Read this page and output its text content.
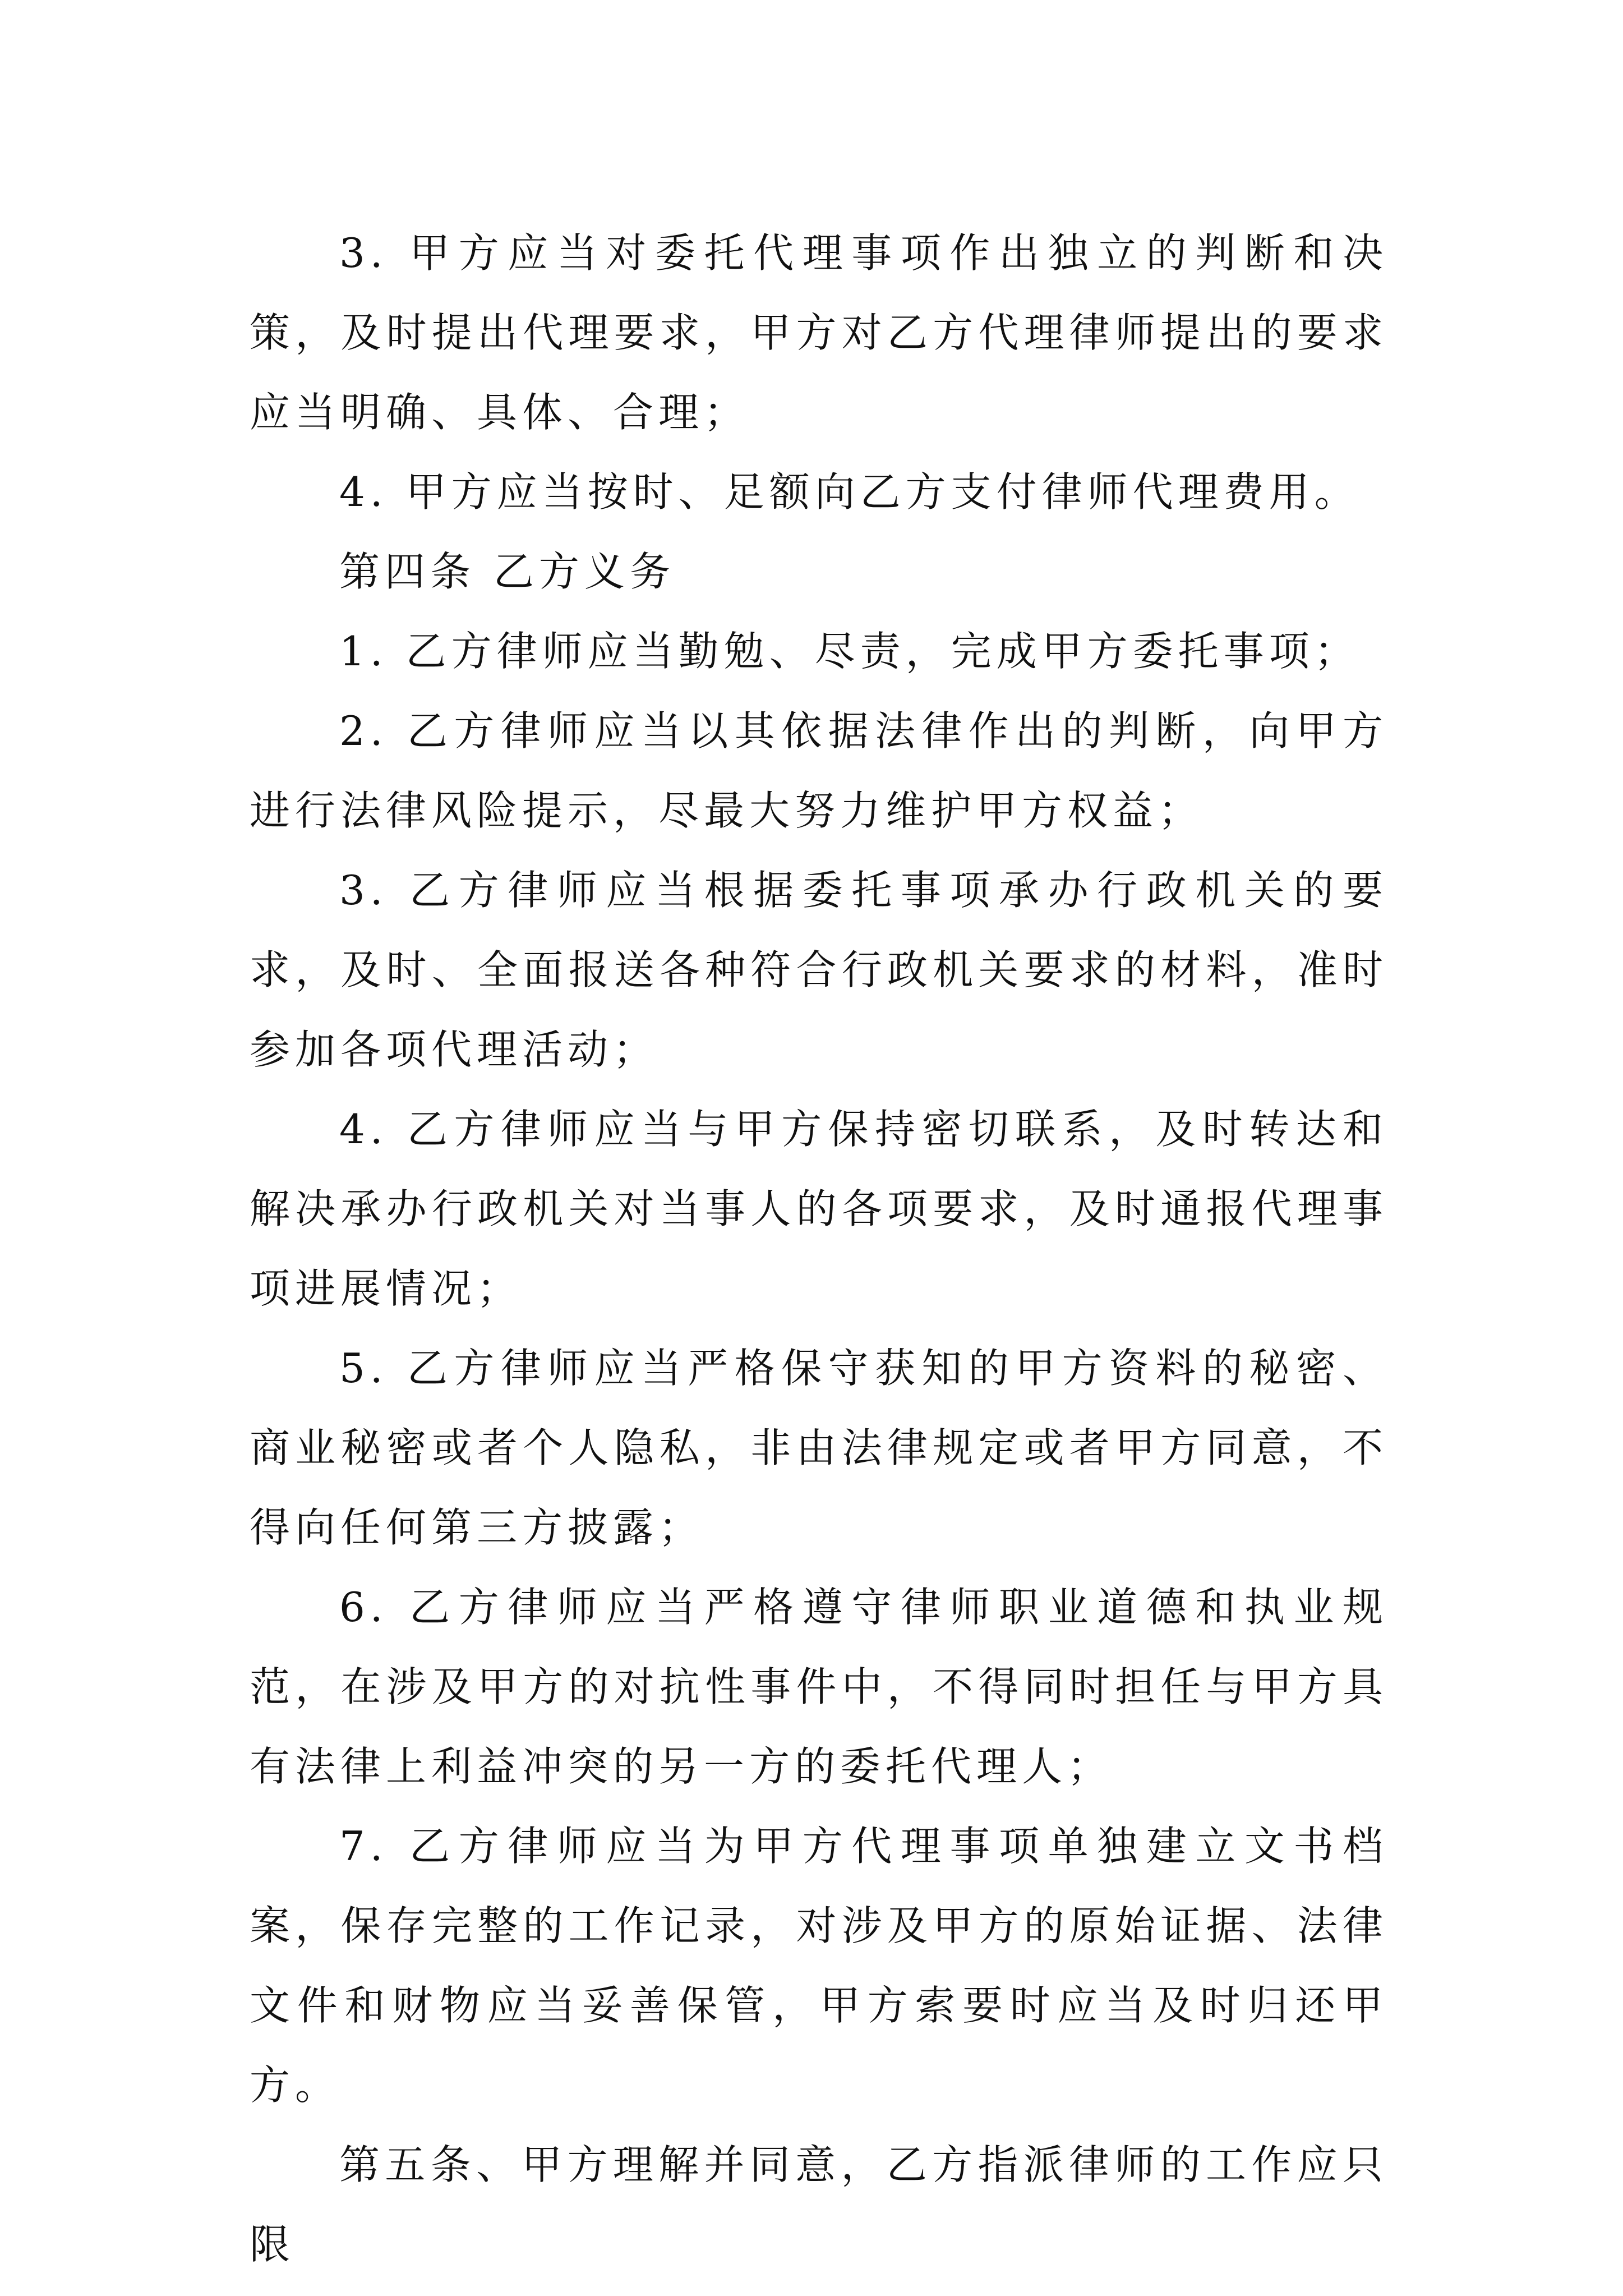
3. 甲方应当对委托代理事项作出独立的判断和决策，及时提出代理要求，甲方对乙方代理律师提出的要求应当明确、具体、合理；

4. 甲方应当按时、足额向乙方支付律师代理费用。

第四条 乙方义务

1. 乙方律师应当勤勉、尽责，完成甲方委托事项；

2. 乙方律师应当以其依据法律作出的判断，向甲方进行法律风险提示，尽最大努力维护甲方权益；

3. 乙方律师应当根据委托事项承办行政机关的要求，及时、全面报送各种符合行政机关要求的材料，准时参加各项代理活动；

4. 乙方律师应当与甲方保持密切联系，及时转达和解决承办行政机关对当事人的各项要求，及时通报代理事项进展情况；

5. 乙方律师应当严格保守获知的甲方资料的秘密、商业秘密或者个人隐私，非由法律规定或者甲方同意，不得向任何第三方披露；

6. 乙方律师应当严格遵守律师职业道德和执业规范，在涉及甲方的对抗性事件中，不得同时担任与甲方具有法律上利益冲突的另一方的委托代理人；

7. 乙方律师应当为甲方代理事项单独建立文书档案，保存完整的工作记录，对涉及甲方的原始证据、法律文件和财物应当妥善保管，甲方索要时应当及时归还甲方。

第五条、甲方理解并同意，乙方指派律师的工作应只限
